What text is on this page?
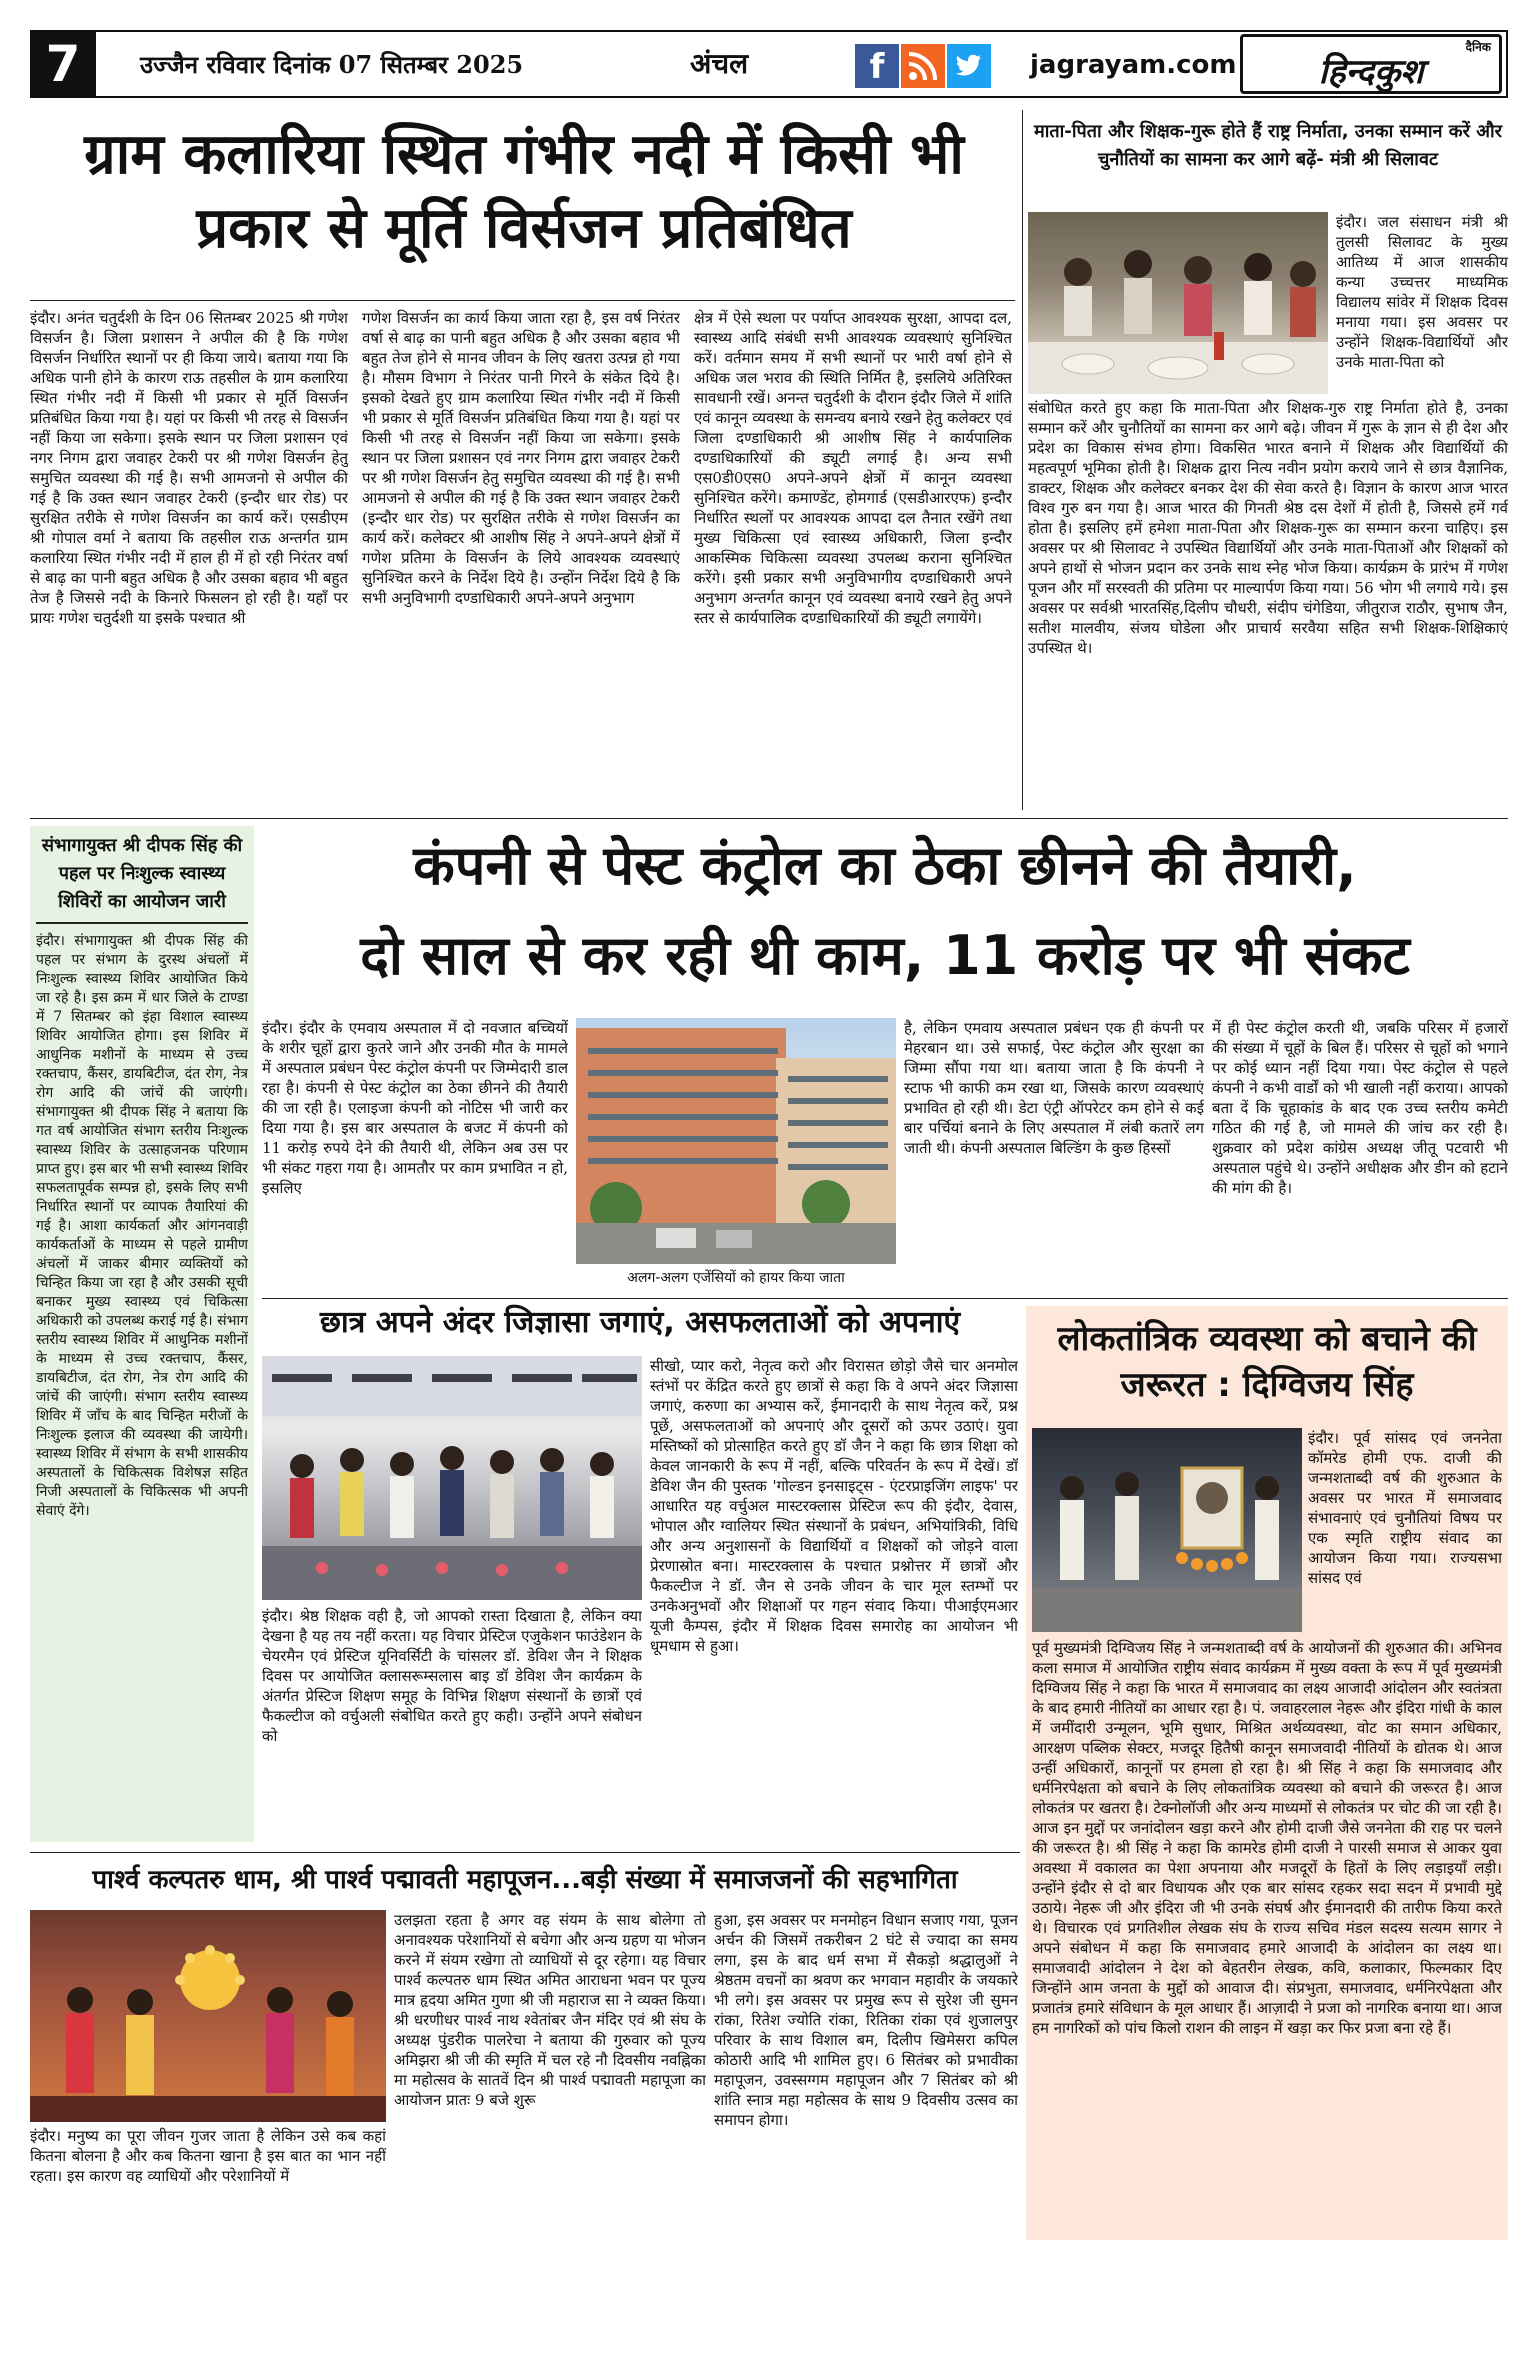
7	उज्जैन रविवार दिनांक 07 सितम्बर 2025	अंचल	f	jagrayam.com
दैनिक
हिन्दकुश
ग्राम कलारिया स्थित गंभीर नदी में किसी भी प्रकार से मूर्ति विर्सजन प्रतिबंधित

इंदौर। अनंत चतुर्दशी के दिन 06 सितम्बर 2025 श्री गणेश विसर्जन है। जिला प्रशासन ने अपील की है कि गणेश विसर्जन निर्धारित स्थानों पर ही किया जाये। बताया गया कि अधिक पानी होने के कारण राऊ तहसील के ग्राम कलारिया स्थित गंभीर नदी में किसी भी प्रकार से मूर्ति विसर्जन प्रतिबंधित किया गया है। यहां पर किसी भी तरह से विसर्जन नहीं किया जा सकेगा। इसके स्थान पर जिला प्रशासन एवं नगर निगम द्वारा जवाहर टेकरी पर श्री गणेश विसर्जन हेतु समुचित व्यवस्था की गई है। सभी आमजनो से अपील की गई है कि उक्त स्थान जवाहर टेकरी (इन्दौर धार रोड) पर सुरक्षित तरीके से गणेश विसर्जन का कार्य करें। एसडीएम श्री गोपाल वर्मा ने बताया कि तहसील राऊ अन्तर्गत ग्राम कलारिया स्थित गंभीर नदी में हाल ही में हो रही निरंतर वर्षा से बाढ़ का पानी बहुत अधिक है और उसका बहाव भी बहुत तेज है जिससे नदी के किनारे फिसलन हो रही है। यहाँ पर प्रायः गणेश चतुर्दशी या इसके पश्चात श्री

गणेश विसर्जन का कार्य किया जाता रहा है, इस वर्ष निरंतर वर्षा से बाढ़ का पानी बहुत अधिक है और उसका बहाव भी बहुत तेज होने से मानव जीवन के लिए खतरा उत्पन्न हो गया है। मौसम विभाग ने निरंतर पानी गिरने के संकेत दिये है। इसको देखते हुए ग्राम कलारिया स्थित गंभीर नदी में किसी भी प्रकार से मूर्ति विसर्जन प्रतिबंधित किया गया है। यहां पर किसी भी तरह से विसर्जन नहीं किया जा सकेगा। इसके स्थान पर जिला प्रशासन एवं नगर निगम द्वारा जवाहर टेकरी पर श्री गणेश विसर्जन हेतु समुचित व्यवस्था की गई है। सभी आमजनो से अपील की गई है कि उक्त स्थान जवाहर टेकरी (इन्दौर धार रोड) पर सुरक्षित तरीके से गणेश विसर्जन का कार्य करें। कलेक्टर श्री आशीष सिंह ने अपने-अपने क्षेत्रों में गणेश प्रतिमा के विसर्जन के लिये आवश्यक व्यवस्थाएं सुनिश्चित करने के निर्देश दिये है। उन्होंन निर्देश दिये है कि सभी अनुविभागी दण्डाधिकारी अपने-अपने अनुभाग

क्षेत्र में ऐसे स्थला पर पर्याप्त आवश्यक सुरक्षा, आपदा दल, स्वास्थ्य आदि संबंधी सभी आवश्यक व्यवस्थाएं सुनिश्चित करें। वर्तमान समय में सभी स्थानों पर भारी वर्षा होने से अधिक जल भराव की स्थिति निर्मित है, इसलिये अतिरिक्त सावधानी रखें। अनन्त चतुर्दशी के दौरान इंदौर जिले में शांति एवं कानून व्यवस्था के समन्वय बनाये रखने हेतु कलेक्टर एवं जिला दण्डाधिकारी श्री आशीष सिंह ने कार्यपालिक दण्डाधिकारियों की ड्यूटी लगाई है। अन्य सभी एस0डी0एस0 अपने-अपने क्षेत्रों में कानून व्यवस्था सुनिश्चित करेंगे। कमाण्डेंट, होमगार्ड (एसडीआरएफ) इन्दौर निर्धारित स्थलों पर आवश्यक आपदा दल तैनात रखेंगे तथा मुख्य चिकित्सा एवं स्वास्थ्य अधिकारी, जिला इन्दौर आकस्मिक चिकित्सा व्यवस्था उपलब्ध कराना सुनिश्चित करेंगे। इसी प्रकार सभी अनुविभागीय दण्डाधिकारी अपने अनुभाग अन्तर्गत कानून एवं व्यवस्था बनाये रखने हेतु अपने स्तर से कार्यपालिक दण्डाधिकारियों की ड्यूटी लगायेंगे।

माता-पिता और शिक्षक-गुरू होते हैं राष्ट्र निर्माता, उनका सम्मान करें और चुनौतियों का सामना कर आगे बढ़ें- मंत्री श्री सिलावट

इंदौर। जल संसाधन मंत्री श्री तुलसी सिलावट के मुख्य आतिथ्य में आज शासकीय कन्या उच्चत्तर माध्यमिक विद्यालय सांवेर में शिक्षक दिवस मनाया गया। इस अवसर पर उन्होंने शिक्षक-विद्यार्थियों और उनके माता-पिता को

संबोधित करते हुए कहा कि माता-पिता और शिक्षक-गुरु राष्ट्र निर्माता होते है, उनका सम्मान करें और चुनौतियों का सामना कर आगे बढ़े। जीवन में गुरू के ज्ञान से ही देश और प्रदेश का विकास संभव होगा। विकसित भारत बनाने में शिक्षक और विद्यार्थियों की महत्वपूर्ण भूमिका होती है। शिक्षक द्वारा नित्य नवीन प्रयोग कराये जाने से छात्र वैज्ञानिक, डाक्टर, शिक्षक और कलेक्टर बनकर देश की सेवा करते है। विज्ञान के कारण आज भारत विश्व गुरु बन गया है। आज भारत की गिनती श्रेष्ठ दस देशों में होती है, जिससे हमें गर्व होता है। इसलिए हमें हमेशा माता-पिता और शिक्षक-गुरू का सम्मान करना चाहिए। इस अवसर पर श्री सिलावट ने उपस्थित विद्यार्थियों और उनके माता-पिताओं और शिक्षकों को अपने हाथों से भोजन प्रदान कर उनके साथ स्नेह भोज किया। कार्यक्रम के प्रारंभ में गणेश पूजन और माँ सरस्वती की प्रतिमा पर माल्यार्पण किया गया। 56 भोग भी लगाये गये। इस अवसर पर सर्वश्री भारतसिंह,दिलीप चौधरी, संदीप चंगेडिया, जीतुराज राठौर, सुभाष जैन, सतीश मालवीय, संजय घोडेला और प्राचार्य सरवैया सहित सभी शिक्षक-शिक्षिकाएं उपस्थित थे।

संभागायुक्त श्री दीपक सिंह की पहल पर निःशुल्क स्वास्थ्य शिविरों का आयोजन जारी

इंदौर। संभागायुक्त श्री दीपक सिंह की पहल पर संभाग के दुरस्थ अंचलों में निःशुल्क स्वास्थ्य शिविर आयोजित किये जा रहे है। इस क्रम में धार जिले के टाण्डा में 7 सितम्बर को इंहा विशाल स्वास्थ्य शिविर आयोजित होगा। इस शिविर में आधुनिक मशीनों के माध्यम से उच्च रक्तचाप, कैंसर, डायबिटीज, दंत रोग, नेत्र रोग आदि की जांचें की जाएंगी। संभागायुक्त श्री दीपक सिंह ने बताया कि गत वर्ष आयोजित संभाग स्तरीय निःशुल्क स्वास्थ्य शिविर के उत्साहजनक परिणाम प्राप्त हुए। इस बार भी सभी स्वास्थ्य शिविर सफलतापूर्वक सम्पन्न हो, इसके लिए सभी निर्धारित स्थानों पर व्यापक तैयारियां की गई है। आशा कार्यकर्ता और आंगनवाड़ी कार्यकर्ताओं के माध्यम से पहले ग्रामीण अंचलों में जाकर बीमार व्यक्तियों को चिन्हित किया जा रहा है और उसकी सूची बनाकर मुख्य स्वास्थ्य एवं चिकित्सा अधिकारी को उपलब्ध कराई गई है। संभाग स्तरीय स्वास्थ्य शिविर में आधुनिक मशीनों के माध्यम से उच्च रक्तचाप, कैंसर, डायबिटीज, दंत रोग, नेत्र रोग आदि की जांचें की जाएंगी। संभाग स्तरीय स्वास्थ्य शिविर में जाँच के बाद चिन्हित मरीजों के निःशुल्क इलाज की व्यवस्था की जायेगी। स्वास्थ्य शिविर में संभाग के सभी शासकीय अस्पतालों के चिकित्सक विशेषज्ञ सहित निजी अस्पतालों के चिकित्सक भी अपनी सेवाएं देंगे।

कंपनी से पेस्ट कंट्रोल का ठेका छीनने की तैयारी,
दो साल से कर रही थी काम, 11 करोड़ पर भी संकट

इंदौर। इंदौर के एमवाय अस्पताल में दो नवजात बच्चियों के शरीर चूहों द्वारा कुतरे जाने और उनकी मौत के मामले में अस्पताल प्रबंधन पेस्ट कंट्रोल कंपनी पर जिम्मेदारी डाल रहा है। कंपनी से पेस्ट कंट्रोल का ठेका छीनने की तैयारी की जा रही है। एलाइजा कंपनी को नोटिस भी जारी कर दिया गया है। इस बार अस्पताल के बजट में कंपनी को 11 करोड़ रुपये देने की तैयारी थी, लेकिन अब उस पर भी संकट गहरा गया है। आमतौर पर काम प्रभावित न हो, इसलिए

अलग-अलग एजेंसियों को हायर किया जाता

है, लेकिन एमवाय अस्पताल प्रबंधन एक ही कंपनी पर मेहरबान था। उसे सफाई, पेस्ट कंट्रोल और सुरक्षा का जिम्मा सौंपा गया था। बताया जाता है कि कंपनी ने स्टाफ भी काफी कम रखा था, जिसके कारण व्यवस्थाएं प्रभावित हो रही थी। डेटा एंट्री ऑपरेटर कम होने से कई बार पर्चियां बनाने के लिए अस्पताल में लंबी कतारें लग जाती थी। कंपनी अस्पताल बिल्डिंग के कुछ हिस्सों

में ही पेस्ट कंट्रोल करती थी, जबकि परिसर में हजारों की संख्या में चूहों के बिल हैं। परिसर से चूहों को भगाने पर कोई ध्यान नहीं दिया गया। पेस्ट कंट्रोल से पहले कंपनी ने कभी वार्डों को भी खाली नहीं कराया। आपको बता दें कि चूहाकांड के बाद एक उच्च स्तरीय कमेटी गठित की गई है, जो मामले की जांच कर रही है। शुक्रवार को प्रदेश कांग्रेस अध्यक्ष जीतू पटवारी भी अस्पताल पहुंचे थे। उन्होंने अधीक्षक और डीन को हटाने की मांग की है।

छात्र अपने अंदर जिज्ञासा जगाएं, असफलताओं को अपनाएं

सीखो, प्यार करो, नेतृत्व करो और विरासत छोड़ो जैसे चार अनमोल स्तंभों पर केंद्रित करते हुए छात्रों से कहा कि वे अपने अंदर जिज्ञासा जगाएं, करुणा का अभ्यास करें, ईमानदारी के साथ नेतृत्व करें, प्रश्न पूछें, असफलताओं को अपनाएं और दूसरों को ऊपर उठाएं। युवा मस्तिष्कों को प्रोत्साहित करते हुए डॉ जैन ने कहा कि छात्र शिक्षा को केवल जानकारी के रूप में नहीं, बल्कि परिवर्तन के रूप में देखें। डॉ डेविश जैन की पुस्तक 'गोल्डन इनसाइट्स - एंटरप्राइजिंग लाइफ' पर आधारित यह वर्चुअल मास्टरक्लास प्रेस्टिज रूप की इंदौर, देवास, भोपाल और ग्वालियर स्थित संस्थानों के प्रबंधन, अभियांत्रिकी, विधि और अन्य अनुशासनों के विद्यार्थियों व शिक्षकों को जोड़ने वाला प्रेरणास्रोत बना। मास्टरक्लास के पश्चात प्रश्नोत्तर में छात्रों और फैकल्टीज ने डॉ. जैन से उनके जीवन के चार मूल स्तम्भों पर उनकेअनुभवों और शिक्षाओं पर गहन संवाद किया। पीआईएमआर यूजी कैम्पस, इंदौर में शिक्षक दिवस समारोह का आयोजन भी धूमधाम से हुआ।

इंदौर। श्रेष्ठ शिक्षक वही है, जो आपको रास्ता दिखाता है, लेकिन क्या देखना है यह तय नहीं करता। यह विचार प्रेस्टिज एजुकेशन फाउंडेशन के चेयरमैन एवं प्रेस्टिज यूनिवर्सिटी के चांसलर डॉ. डेविश जैन ने शिक्षक दिवस पर आयोजित क्लासरूम्सलास बाइ डॉ डेविश जैन कार्यक्रम के अंतर्गत प्रेस्टिज शिक्षण समूह के विभिन्न शिक्षण संस्थानों के छात्रों एवं फैकल्टीज को वर्चुअली संबोधित करते हुए कही। उन्होंने अपने संबोधन को

लोकतांत्रिक व्यवस्था को बचाने की जरूरत : दिग्विजय सिंह

इंदौर। पूर्व सांसद एवं जननेता कॉमरेड होमी एफ. दाजी की जन्मशताब्दी वर्ष की शुरुआत के अवसर पर भारत में समाजवाद संभावनाएं एवं चुनौतियां विषय पर एक स्मृति राष्ट्रीय संवाद का आयोजन किया गया। राज्यसभा सांसद एवं

पूर्व मुख्यमंत्री दिग्विजय सिंह ने जन्मशताब्दी वर्ष के आयोजनों की शुरुआत की। अभिनव कला समाज में आयोजित राष्ट्रीय संवाद कार्यक्रम में मुख्य वक्ता के रूप में पूर्व मुख्यमंत्री दिग्विजय सिंह ने कहा कि भारत में समाजवाद का लक्ष्य आजादी आंदोलन और स्वतंत्रता के बाद हमारी नीतियों का आधार रहा है। पं. जवाहरलाल नेहरू और इंदिरा गांधी के काल में जमींदारी उन्मूलन, भूमि सुधार, मिश्रित अर्थव्यवस्था, वोट का समान अधिकार, आरक्षण पब्लिक सेक्टर, मजदूर हितैषी कानून समाजवादी नीतियों के द्योतक थे। आज उन्हीं अधिकारों, कानूनों पर हमला हो रहा है। श्री सिंह ने कहा कि समाजवाद और धर्मनिरपेक्षता को बचाने के लिए लोकतांत्रिक व्यवस्था को बचाने की जरूरत है। आज लोकतंत्र पर खतरा है। टेक्नोलॉजी और अन्य माध्यमों से लोकतंत्र पर चोट की जा रही है। आज इन मुद्दों पर जनांदोलन खड़ा करने और होमी दाजी जैसे जननेता की राह पर चलने की जरूरत है। श्री सिंह ने कहा कि कामरेड होमी दाजी ने पारसी समाज से आकर युवा अवस्था में वकालत का पेशा अपनाया और मजदूरों के हितों के लिए लड़ाइयाँ लड़ी। उन्होंने इंदौर से दो बार विधायक और एक बार सांसद रहकर सदा सदन में प्रभावी मुद्दे उठाये। नेहरू जी और इंदिरा जी भी उनके संघर्ष और ईमानदारी की तारीफ किया करते थे। विचारक एवं प्रगतिशील लेखक संघ के राज्य सचिव मंडल सदस्य सत्यम सागर ने अपने संबोधन में कहा कि समाजवाद हमारे आजादी के आंदोलन का लक्ष्य था। समाजवादी आंदोलन ने देश को बेहतरीन लेखक, कवि, कलाकार, फिल्मकार दिए जिन्होंने आम जनता के मुद्दों को आवाज दी। संप्रभुता, समाजवाद, धर्मनिरपेक्षता और प्रजातंत्र हमारे संविधान के मूल आधार हैं। आज़ादी ने प्रजा को नागरिक बनाया था। आज हम नागरिकों को पांच किलो राशन की लाइन में खड़ा कर फिर प्रजा बना रहे हैं।

पार्श्व कल्पतरु धाम, श्री पार्श्व पद्मावती महापूजन...बड़ी संख्या में समाजजनों की सहभागिता

इंदौर। मनुष्य का पूरा जीवन गुजर जाता है लेकिन उसे कब कहां कितना बोलना है और कब कितना खाना है इस बात का भान नहीं रहता। इस कारण वह व्याधियों और परेशानियों में

उलझता रहता है अगर वह संयम के साथ बोलेगा तो अनावश्यक परेशानियों से बचेगा और अन्य ग्रहण या भोजन करने में संयम रखेगा तो व्याधियों से दूर रहेगा। यह विचार पार्श्व कल्पतरु धाम स्थित अमित आराधना भवन पर पूज्य मात्र हृदया अमित गुणा श्री जी महाराज सा ने व्यक्त किया। श्री धरणीधर पार्श्व नाथ श्वेतांबर जैन मंदिर एवं श्री संघ के अध्यक्ष पुंडरीक पालरेचा ने बताया की गुरुवार को पूज्य अमिझरा श्री जी की स्मृति में चल रहे नौ दिवसीय नवह्निका मा महोत्सव के सातवें दिन श्री पार्श्व पद्मावती महापूजा का आयोजन प्रातः 9 बजे शुरू

हुआ, इस अवसर पर मनमोहन विधान सजाए गया, पूजन अर्चन की जिसमें तकरीबन 2 घंटे से ज्यादा का समय लगा, इस के बाद धर्म सभा में सैकड़ो श्रद्धालुओं ने श्रेष्ठतम वचनों का श्रवण कर भगवान महावीर के जयकारे भी लगे। इस अवसर पर प्रमुख रूप से सुरेश जी सुमन रांका, रितेश ज्योति रांका, रितिका रांका एवं शुजालपुर परिवार के साथ विशाल बम, दिलीप खिमेसरा कपिल कोठारी आदि भी शामिल हुए। 6 सितंबर को प्रभावीका महापूजन, उवस्सग्गम महापूजन और 7 सितंबर को श्री शांति स्नात्र महा महोत्सव के साथ 9 दिवसीय उत्सव का समापन होगा।
